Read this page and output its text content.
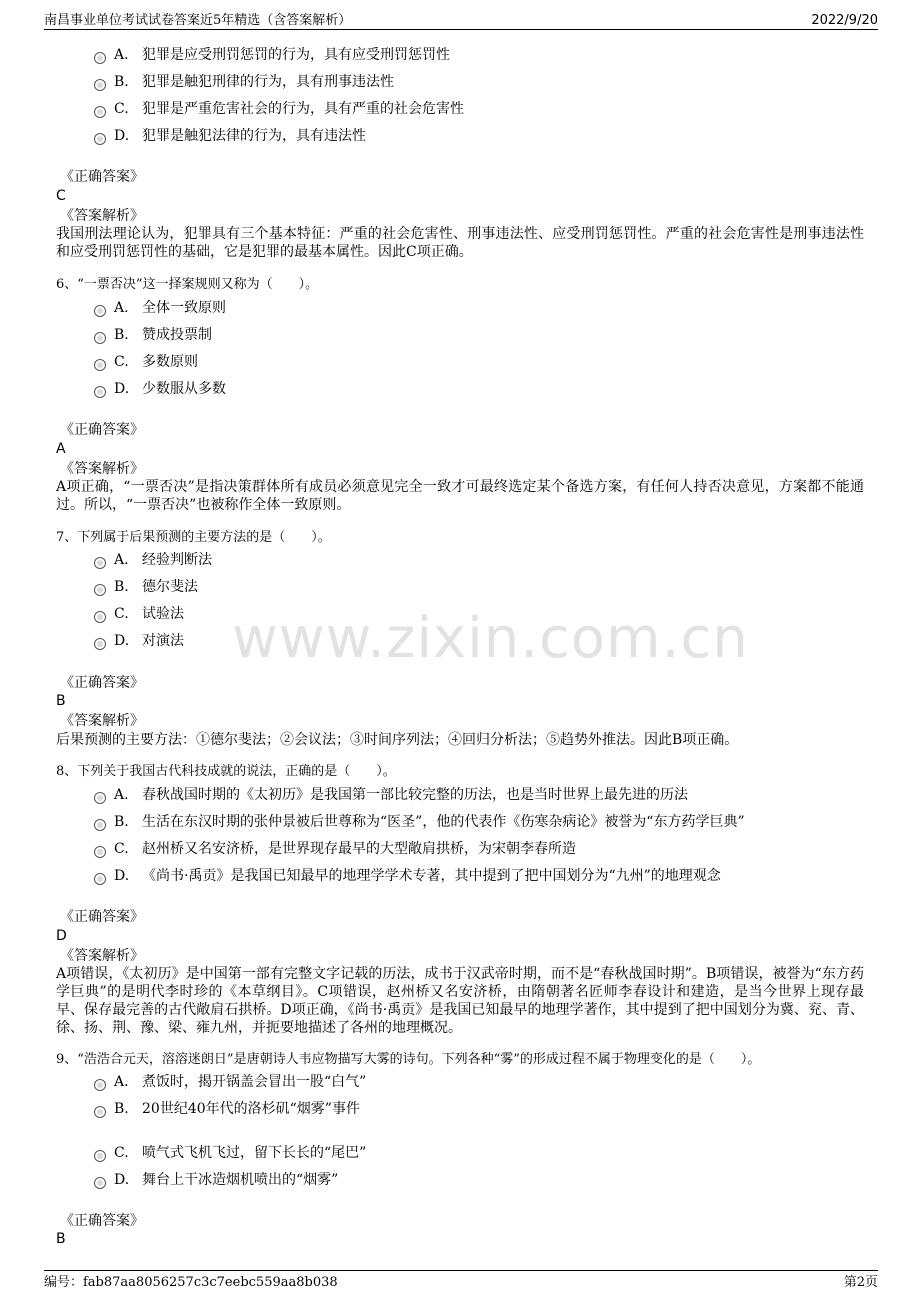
南昌事业单位考试试卷答案近5年精选（含答案解析）	2022/9/20
www.zixin.com.cn
A. 犯罪是应受刑罚惩罚的行为，具有应受刑罚惩罚性
B. 犯罪是触犯刑律的行为，具有刑事违法性
C. 犯罪是严重危害社会的行为，具有严重的社会危害性
D. 犯罪是触犯法律的行为，具有违法性
《正确答案》
C
《答案解析》
我国刑法理论认为，犯罪具有三个基本特征：严重的社会危害性、刑事违法性、应受刑罚惩罚性。严重的社会危害性是刑事违法性和应受刑罚惩罚性的基础，它是犯罪的最基本属性。因此C项正确。
6、“一票否决”这一择案规则又称为（　　）。
A. 全体一致原则
B. 赞成投票制
C. 多数原则
D. 少数服从多数
《正确答案》
A
《答案解析》
A项正确，“一票否决”是指决策群体所有成员必须意见完全一致才可最终选定某个备选方案，有任何人持否决意见，方案都不能通过。所以，“一票否决”也被称作全体一致原则。
7、下列属于后果预测的主要方法的是（　　）。
A. 经验判断法
B. 德尔斐法
C. 试验法
D. 对演法
《正确答案》
B
《答案解析》
后果预测的主要方法：①德尔斐法；②会议法；③时间序列法；④回归分析法；⑤趋势外推法。因此B项正确。
8、下列关于我国古代科技成就的说法，正确的是（　　）。
A. 春秋战国时期的《太初历》是我国第一部比较完整的历法，也是当时世界上最先进的历法
B. 生活在东汉时期的张仲景被后世尊称为“医圣”，他的代表作《伤寒杂病论》被誉为“东方药学巨典”
C. 赵州桥又名安济桥，是世界现存最早的大型敞肩拱桥，为宋朝李春所造
D. 《尚书·禹贡》是我国已知最早的地理学学术专著，其中提到了把中国划分为“九州”的地理观念
《正确答案》
D
《答案解析》
A项错误，《太初历》是中国第一部有完整文字记载的历法，成书于汉武帝时期，而不是“春秋战国时期”。B项错误，被誉为“东方药学巨典”的是明代李时珍的《本草纲目》。C项错误，赵州桥又名安济桥，由隋朝著名匠师李春设计和建造，是当今世界上现存最早、保存最完善的古代敞肩石拱桥。D项正确，《尚书·禹贡》是我国已知最早的地理学著作，其中提到了把中国划分为冀、兖、青、徐、扬、荆、豫、梁、雍九州，并扼要地描述了各州的地理概况。
9、“浩浩合元天，溶溶迷朗日”是唐朝诗人韦应物描写大雾的诗句。下列各种“雾”的形成过程不属于物理变化的是（　　）。
A. 煮饭时，揭开锅盖会冒出一股“白气”
B. 20世纪40年代的洛杉矶“烟雾”事件
C. 喷气式飞机飞过，留下长长的“尾巴”
D. 舞台上干冰造烟机喷出的“烟雾”
《正确答案》
B
编号：fab87aa8056257c3c7eebc559aa8b038	第2页
